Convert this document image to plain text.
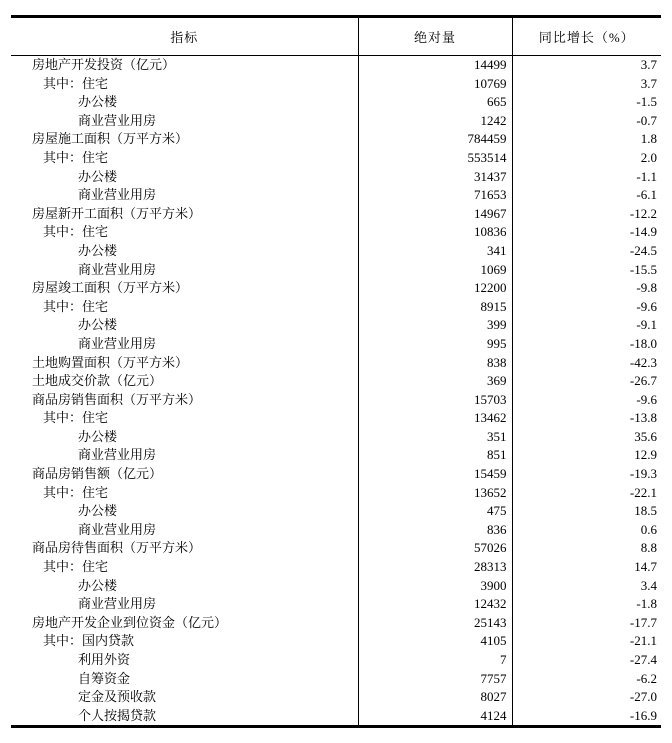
指标	绝对量	同比增长（%）
房地产开发投资（亿元）	14499	3.7
其中：住宅	10769	3.7
办公楼	665	-1.5
商业营业用房	1242	-0.7
房屋施工面积（万平方米）	784459	1.8
其中：住宅	553514	2.0
办公楼	31437	-1.1
商业营业用房	71653	-6.1
房屋新开工面积（万平方米）	14967	-12.2
其中：住宅	10836	-14.9
办公楼	341	-24.5
商业营业用房	1069	-15.5
房屋竣工面积（万平方米）	12200	-9.8
其中：住宅	8915	-9.6
办公楼	399	-9.1
商业营业用房	995	-18.0
土地购置面积（万平方米）	838	-42.3
土地成交价款（亿元）	369	-26.7
商品房销售面积（万平方米）	15703	-9.6
其中：住宅	13462	-13.8
办公楼	351	35.6
商业营业用房	851	12.9
商品房销售额（亿元）	15459	-19.3
其中：住宅	13652	-22.1
办公楼	475	18.5
商业营业用房	836	0.6
商品房待售面积（万平方米）	57026	8.8
其中：住宅	28313	14.7
办公楼	3900	3.4
商业营业用房	12432	-1.8
房地产开发企业到位资金（亿元）	25143	-17.7
其中：国内贷款	4105	-21.1
利用外资	7	-27.4
自筹资金	7757	-6.2
定金及预收款	8027	-27.0
个人按揭贷款	4124	-16.9
